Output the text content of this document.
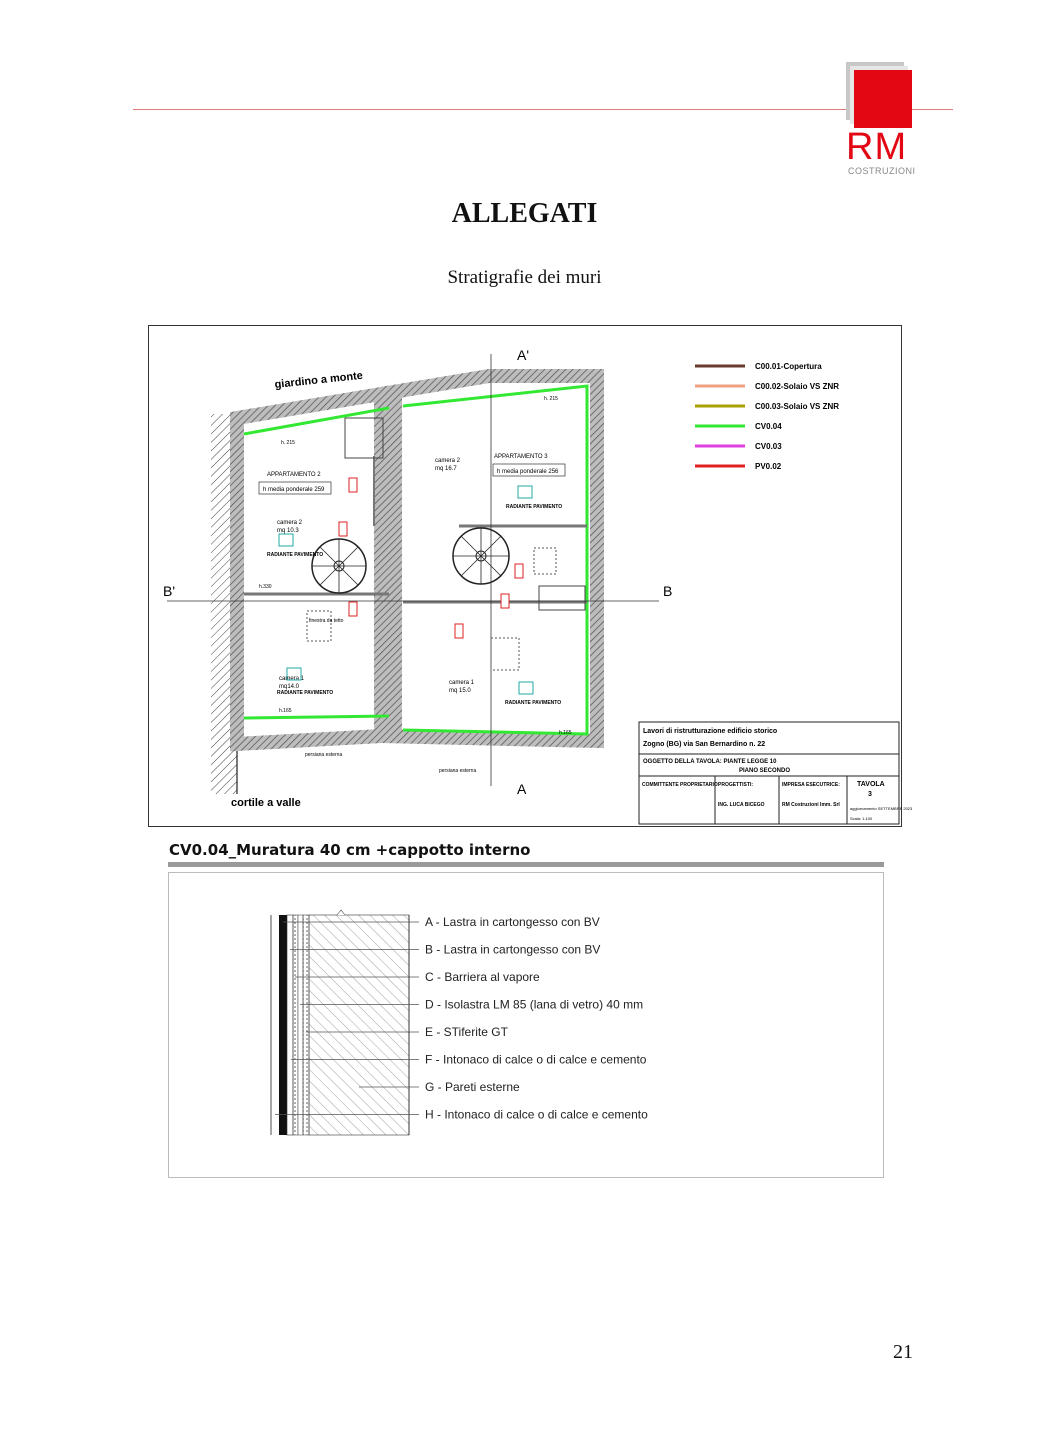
RM
COSTRUZIONI
ALLEGATI
Stratigrafie dei muri
B'	B
A'
A
giardino a monte
cortile a valle
APPARTAMENTO 2
h media ponderale 259
APPARTAMENTO 3
h media ponderale 256
camera 2
mq 16.7
camera 2
mq 10.3
camera 1
mq14.0
camera 1
mq 15.0
RADIANTE PAVIMENTO
RADIANTE PAVIMENTO
RADIANTE PAVIMENTO
RADIANTE PAVIMENTO
finestra da tetto
h. 215
h. 215
h.165
h.165
h.330
persiana esterna
persiana esterna
C00.01-Copertura
C00.02-Solaio VS ZNR
C00.03-Solaio VS ZNR
CV0.04
CV0.03
PV0.02
Lavori di ristrutturazione edificio storico
Zogno (BG) via San Bernardino n. 22
OGGETTO DELLA TAVOLA: PIANTE LEGGE 10
PIANO SECONDO
COMMITTENTE PROPRIETARIO:
PROGETTISTI:
ING. LUCA BICEGO
IMPRESA ESECUTRICE:
RM Costruzioni Imm. Srl
TAVOLA
3
aggiornamento SETTEMBRE 2023
Scala: 1:100
CV0.04_Muratura 40 cm +cappotto interno
A - Lastra in cartongesso con BV
B - Lastra in cartongesso con BV
C - Barriera al vapore
D - Isolastra LM 85 (lana di vetro) 40 mm
E - STiferite GT
F - Intonaco di calce o di calce e cemento
G - Pareti esterne
H - Intonaco di calce o di calce e cemento
21
